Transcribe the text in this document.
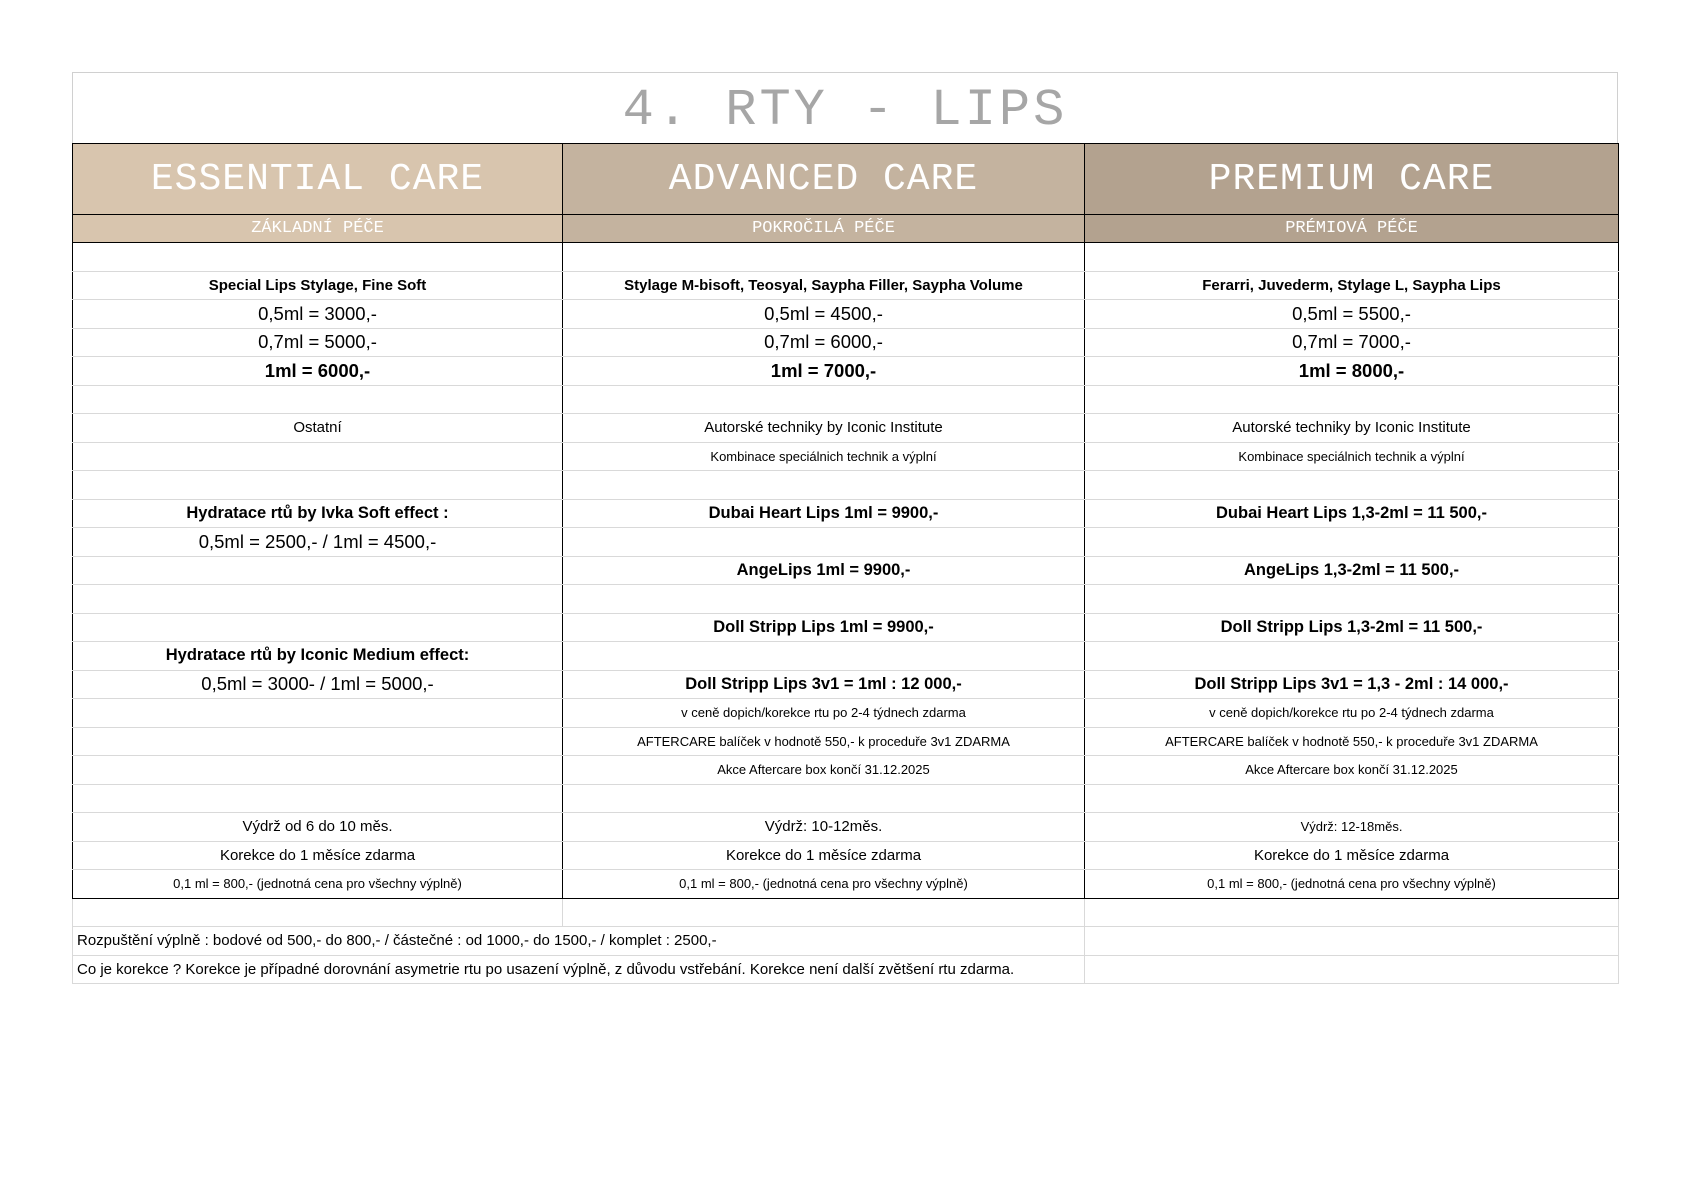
4. RTY - LIPS
ESSENTIAL CARE	ADVANCED CARE	PREMIUM CARE
ZÁKLADNÍ PÉČE	POKROČILÁ PÉČE	PRÉMIOVÁ PÉČE

Special Lips Stylage, Fine Soft	Stylage M-bisoft, Teosyal, Saypha Filler, Saypha Volume	Ferarri, Juvederm, Stylage L, Saypha Lips
0,5ml = 3000,-	0,5ml = 4500,-	0,5ml = 5500,-
0,7ml = 5000,-	0,7ml = 6000,-	0,7ml = 7000,-
1ml = 6000,-	1ml = 7000,-	1ml = 8000,-

Ostatní	Autorské techniky by Iconic Institute	Autorské techniky by Iconic Institute
	Kombinace speciálnich technik a výplní	Kombinace speciálnich technik a výplní

Hydratace rtů by Ivka Soft effect :	Dubai Heart Lips 1ml = 9900,-	Dubai Heart Lips 1,3-2ml = 11 500,-
0,5ml = 2500,- / 1ml = 4500,-		
	AngeLips 1ml = 9900,-	AngeLips 1,3-2ml = 11 500,-

	Doll Stripp Lips 1ml = 9900,-	Doll Stripp Lips 1,3-2ml = 11 500,-
Hydratace rtů by Iconic Medium effect:		
0,5ml = 3000- / 1ml = 5000,-	Doll Stripp Lips 3v1 = 1ml : 12 000,-	Doll Stripp Lips 3v1 = 1,3 - 2ml : 14 000,-
	v ceně dopich/korekce rtu po 2-4 týdnech zdarma	v ceně dopich/korekce rtu po 2-4 týdnech zdarma
	AFTERCARE balíček v hodnotě 550,- k proceduře 3v1 ZDARMA	AFTERCARE balíček v hodnotě 550,- k proceduře 3v1 ZDARMA
	Akce Aftercare box končí 31.12.2025	Akce Aftercare box končí 31.12.2025

Výdrž od 6 do 10 měs.	Výdrž: 10-12měs.	Výdrž: 12-18měs.
Korekce do 1 měsíce zdarma	Korekce do 1 měsíce zdarma	Korekce do 1 měsíce zdarma
0,1 ml = 800,- (jednotná cena pro všechny výplně)	0,1 ml = 800,- (jednotná cena pro všechny výplně)	0,1 ml = 800,- (jednotná cena pro všechny výplně)

Rozpuštění výplně : bodové od 500,- do 800,- / částečné : od 1000,- do 1500,- / komplet : 2500,-		
Co je korekce ? Korekce je případné dorovnání asymetrie rtu po usazení výplně, z důvodu vstřebání. Korekce není další zvětšení rtu zdarma.		
